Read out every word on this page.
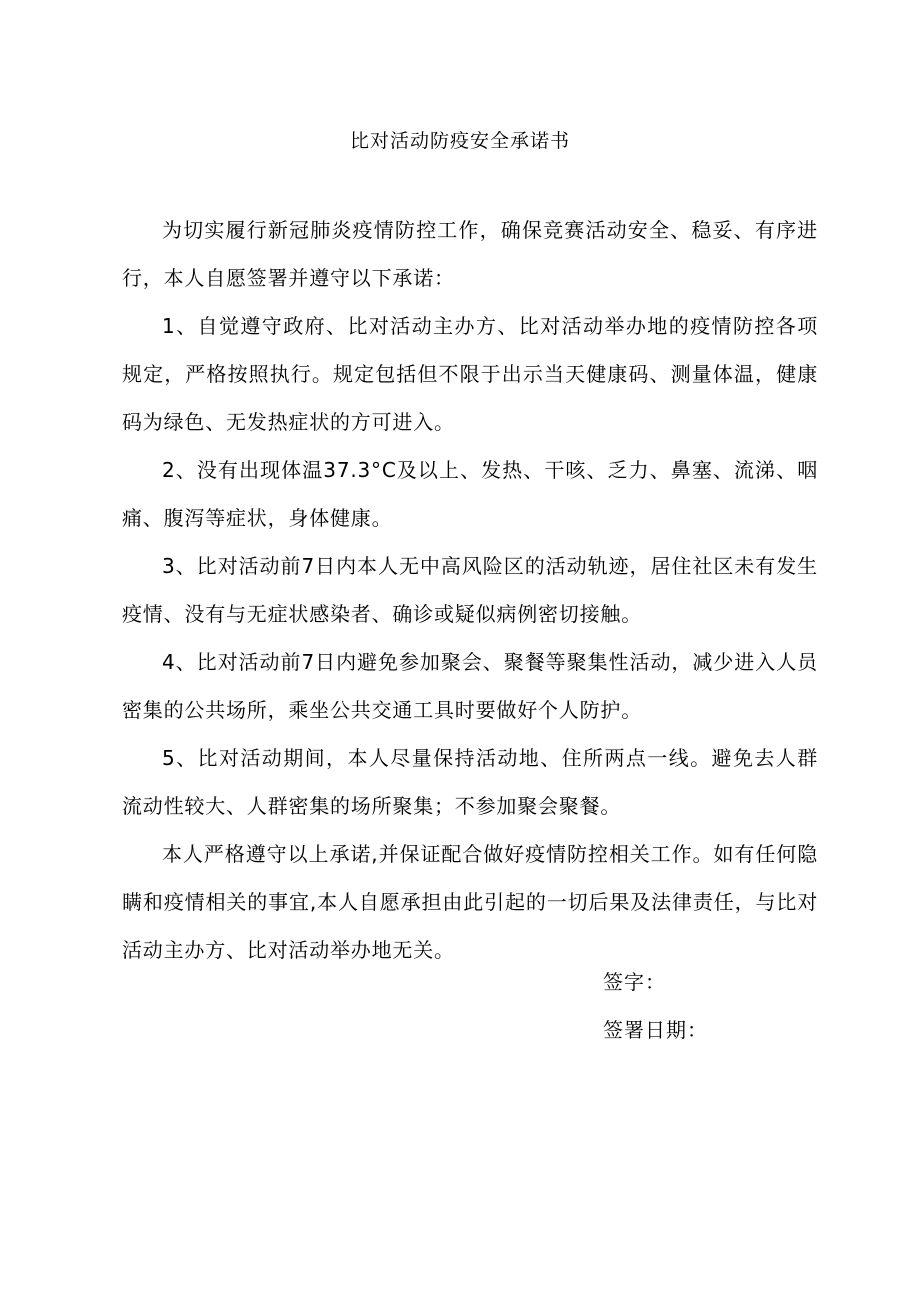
比对活动防疫安全承诺书

为切实履行新冠肺炎疫情防控工作，确保竞赛活动安全、稳妥、有序进行，本人自愿签署并遵守以下承诺：

1、自觉遵守政府、比对活动主办方、比对活动举办地的疫情防控各项规定，严格按照执行。规定包括但不限于出示当天健康码、测量体温，健康码为绿色、无发热症状的方可进入。

2、没有出现体温37.3°C及以上、发热、干咳、乏力、鼻塞、流涕、咽痛、腹泻等症状，身体健康。

3、比对活动前7日内本人无中高风险区的活动轨迹，居住社区未有发生疫情、没有与无症状感染者、确诊或疑似病例密切接触。

4、比对活动前7日内避免参加聚会、聚餐等聚集性活动，减少进入人员密集的公共场所，乘坐公共交通工具时要做好个人防护。

5、比对活动期间，本人尽量保持活动地、住所两点一线。避免去人群流动性较大、人群密集的场所聚集；不参加聚会聚餐。

本人严格遵守以上承诺,并保证配合做好疫情防控相关工作。如有任何隐瞒和疫情相关的事宜,本人自愿承担由此引起的一切后果及法律责任，与比对活动主办方、比对活动举办地无关。

签字：
签署日期：
